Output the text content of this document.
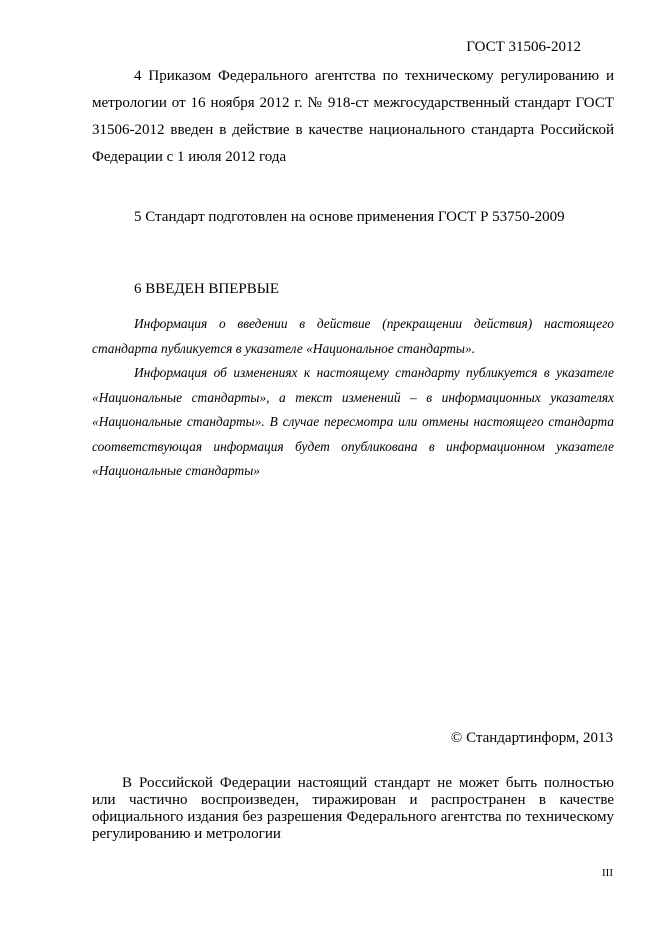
ГОСТ 31506-2012

4 Приказом Федерального агентства по техническому регулированию и метрологии от 16 ноября 2012 г. № 918-ст межгосударственный стандарт ГОСТ 31506-2012 введен в действие в качестве национального стандарта Российской Федерации с 1 июля 2012 года

5 Стандарт подготовлен на основе применения ГОСТ Р 53750-2009

6 ВВЕДЕН ВПЕРВЫЕ

Информация о введении в действие (прекращении действия) настоящего стандарта публикуется в указателе «Национальное стандарты».

Информация об изменениях к настоящему стандарту публикуется в указателе «Национальные стандарты», а текст изменений – в информационных указателях «Национальные стандарты». В случае пересмотра или отмены настоящего стандарта соответствующая информация будет опубликована в информационном указателе «Национальные стандарты»

© Стандартинформ, 2013

В Российской Федерации настоящий стандарт не может быть полностью или частично воспроизведен, тиражирован и распространен в качестве официального издания без разрешения Федерального агентства по техническому регулированию и метрологии

III
